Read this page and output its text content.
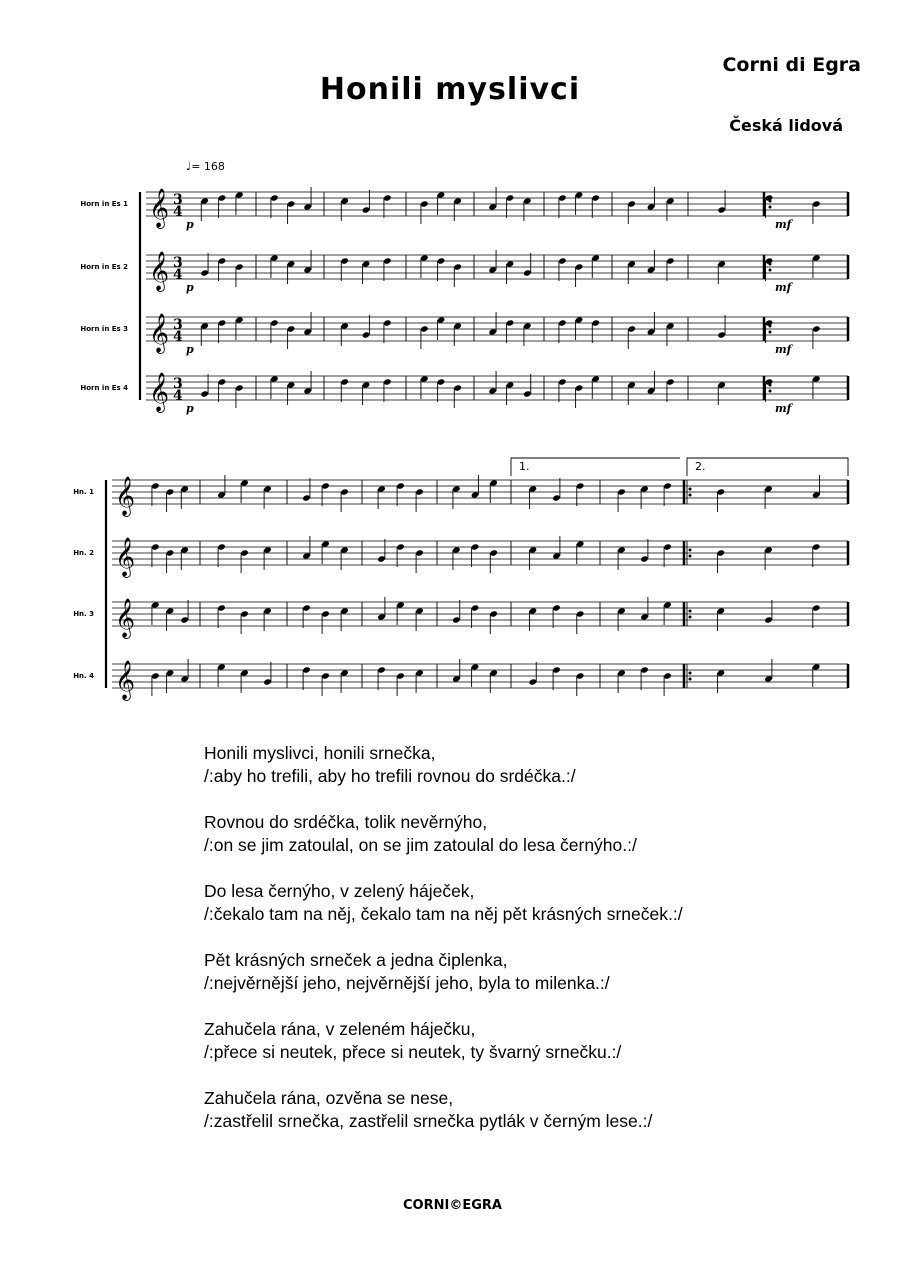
Honili myslivci
Corni di Egra
Česká lidová
♩= 168
Horn in Es 1 𝄞 3
4
p	mf
Horn in Es 2 𝄞 3
4
p	mf
Horn in Es 3 𝄞 3
4
p	mf
Horn in Es 4 𝄞 3
4
p	mf
Hn. 1 𝄞
Hn. 2 𝄞
Hn. 3 𝄞
Hn. 4 𝄞
1.	2.

Honili myslivci, honili srnečka,

/:aby ho trefili, aby ho trefili rovnou do srdéčka.:/

Rovnou do srdéčka, tolik nevěrnýho,

/:on se jim zatoulal, on se jim zatoulal do lesa černýho.:/

Do lesa černýho, v zelený háječek,

/:čekalo tam na něj, čekalo tam na něj pět krásných srneček.:/

Pět krásných srneček a jedna čiplenka,

/:nejvěrnější jeho, nejvěrnější jeho, byla to milenka.:/

Zahučela rána, v zeleném háječku,

/:přece si neutek, přece si neutek, ty švarný srnečku.:/

Zahučela rána, ozvěna se nese,

/:zastřelil srnečka, zastřelil srnečka pytlák v černým lese.:/

CORNI©EGRA
